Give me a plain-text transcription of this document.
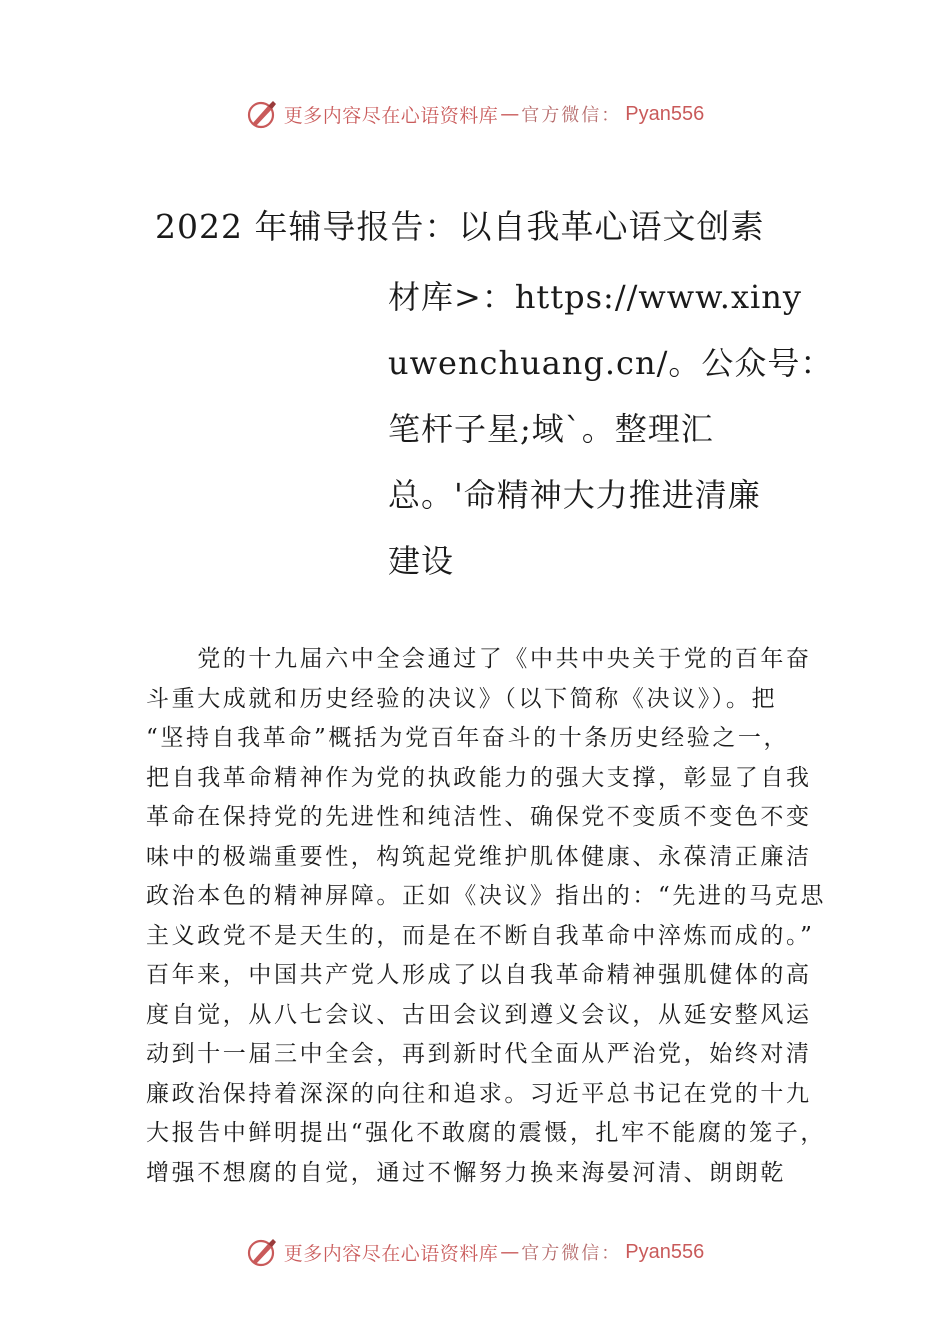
更多内容尽在心语资料库 — 官方微信： Pyan556
2022 年辅导报告：以自我革心语文创素
材库>：https://www.xiny
uwenchuang.cn/。公众号：
笔杆子星;域`。整理汇
总。'命精神大力推进清廉
建设
　　党的十九届六中全会通过了《中共中央关于党的百年奋
斗重大成就和历史经验的决议》（以下简称《决议》）。把
“坚持自我革命”概括为党百年奋斗的十条历史经验之一，
把自我革命精神作为党的执政能力的强大支撑，彰显了自我
革命在保持党的先进性和纯洁性、确保党不变质不变色不变
味中的极端重要性，构筑起党维护肌体健康、永葆清正廉洁
政治本色的精神屏障。正如《决议》指出的：“先进的马克思
主义政党不是天生的，而是在不断自我革命中淬炼而成的。”
百年来，中国共产党人形成了以自我革命精神强肌健体的高
度自觉，从八七会议、古田会议到遵义会议，从延安整风运
动到十一届三中全会，再到新时代全面从严治党，始终对清
廉政治保持着深深的向往和追求。习近平总书记在党的十九
大报告中鲜明提出“强化不敢腐的震慑，扎牢不能腐的笼子，
增强不想腐的自觉，通过不懈努力换来海晏河清、朗朗乾
更多内容尽在心语资料库 — 官方微信： Pyan556
